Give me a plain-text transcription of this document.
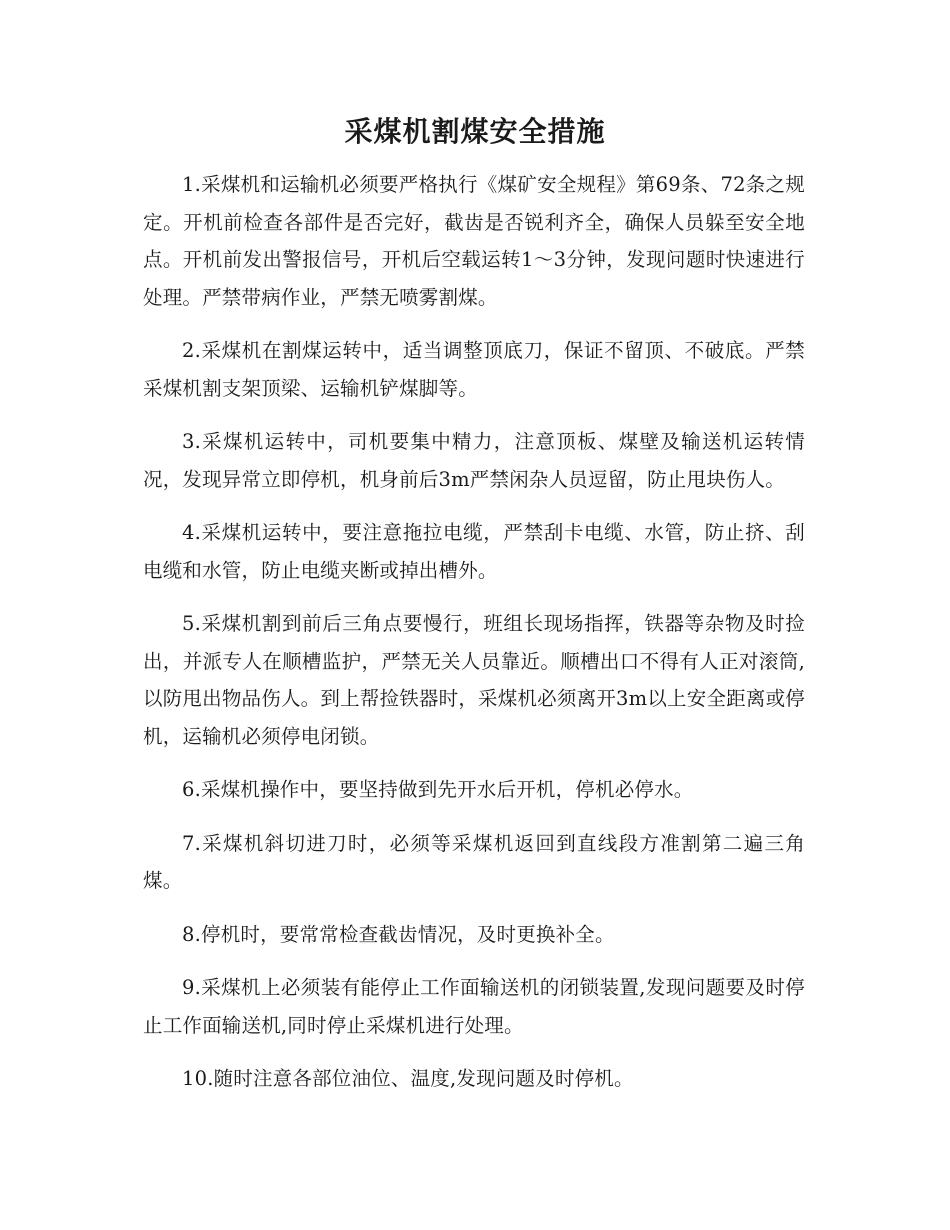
采煤机割煤安全措施

1.采煤机和运输机必须要严格执行《煤矿安全规程》第69条、72条之规定。开机前检查各部件是否完好，截齿是否锐利齐全，确保人员躲至安全地点。开机前发出警报信号，开机后空载运转1～3分钟，发现问题时快速进行处理。严禁带病作业，严禁无喷雾割煤。

2.采煤机在割煤运转中，适当调整顶底刀，保证不留顶、不破底。严禁采煤机割支架顶梁、运输机铲煤脚等。

3.采煤机运转中，司机要集中精力，注意顶板、煤壁及输送机运转情况，发现异常立即停机，机身前后3m严禁闲杂人员逗留，防止甩块伤人。

4.采煤机运转中，要注意拖拉电缆，严禁刮卡电缆、水管，防止挤、刮电缆和水管，防止电缆夹断或掉出槽外。

5.采煤机割到前后三角点要慢行，班组长现场指挥，铁器等杂物及时捡出，并派专人在顺槽监护，严禁无关人员靠近。顺槽出口不得有人正对滚筒,以防甩出物品伤人。到上帮捡铁器时，采煤机必须离开3m以上安全距离或停机，运输机必须停电闭锁。

6.采煤机操作中，要坚持做到先开水后开机，停机必停水。

7.采煤机斜切进刀时，必须等采煤机返回到直线段方准割第二遍三角煤。

8.停机时，要常常检查截齿情况，及时更换补全。

9.采煤机上必须装有能停止工作面输送机的闭锁装置,发现问题要及时停止工作面输送机,同时停止采煤机进行处理。

10.随时注意各部位油位、温度,发现问题及时停机。
